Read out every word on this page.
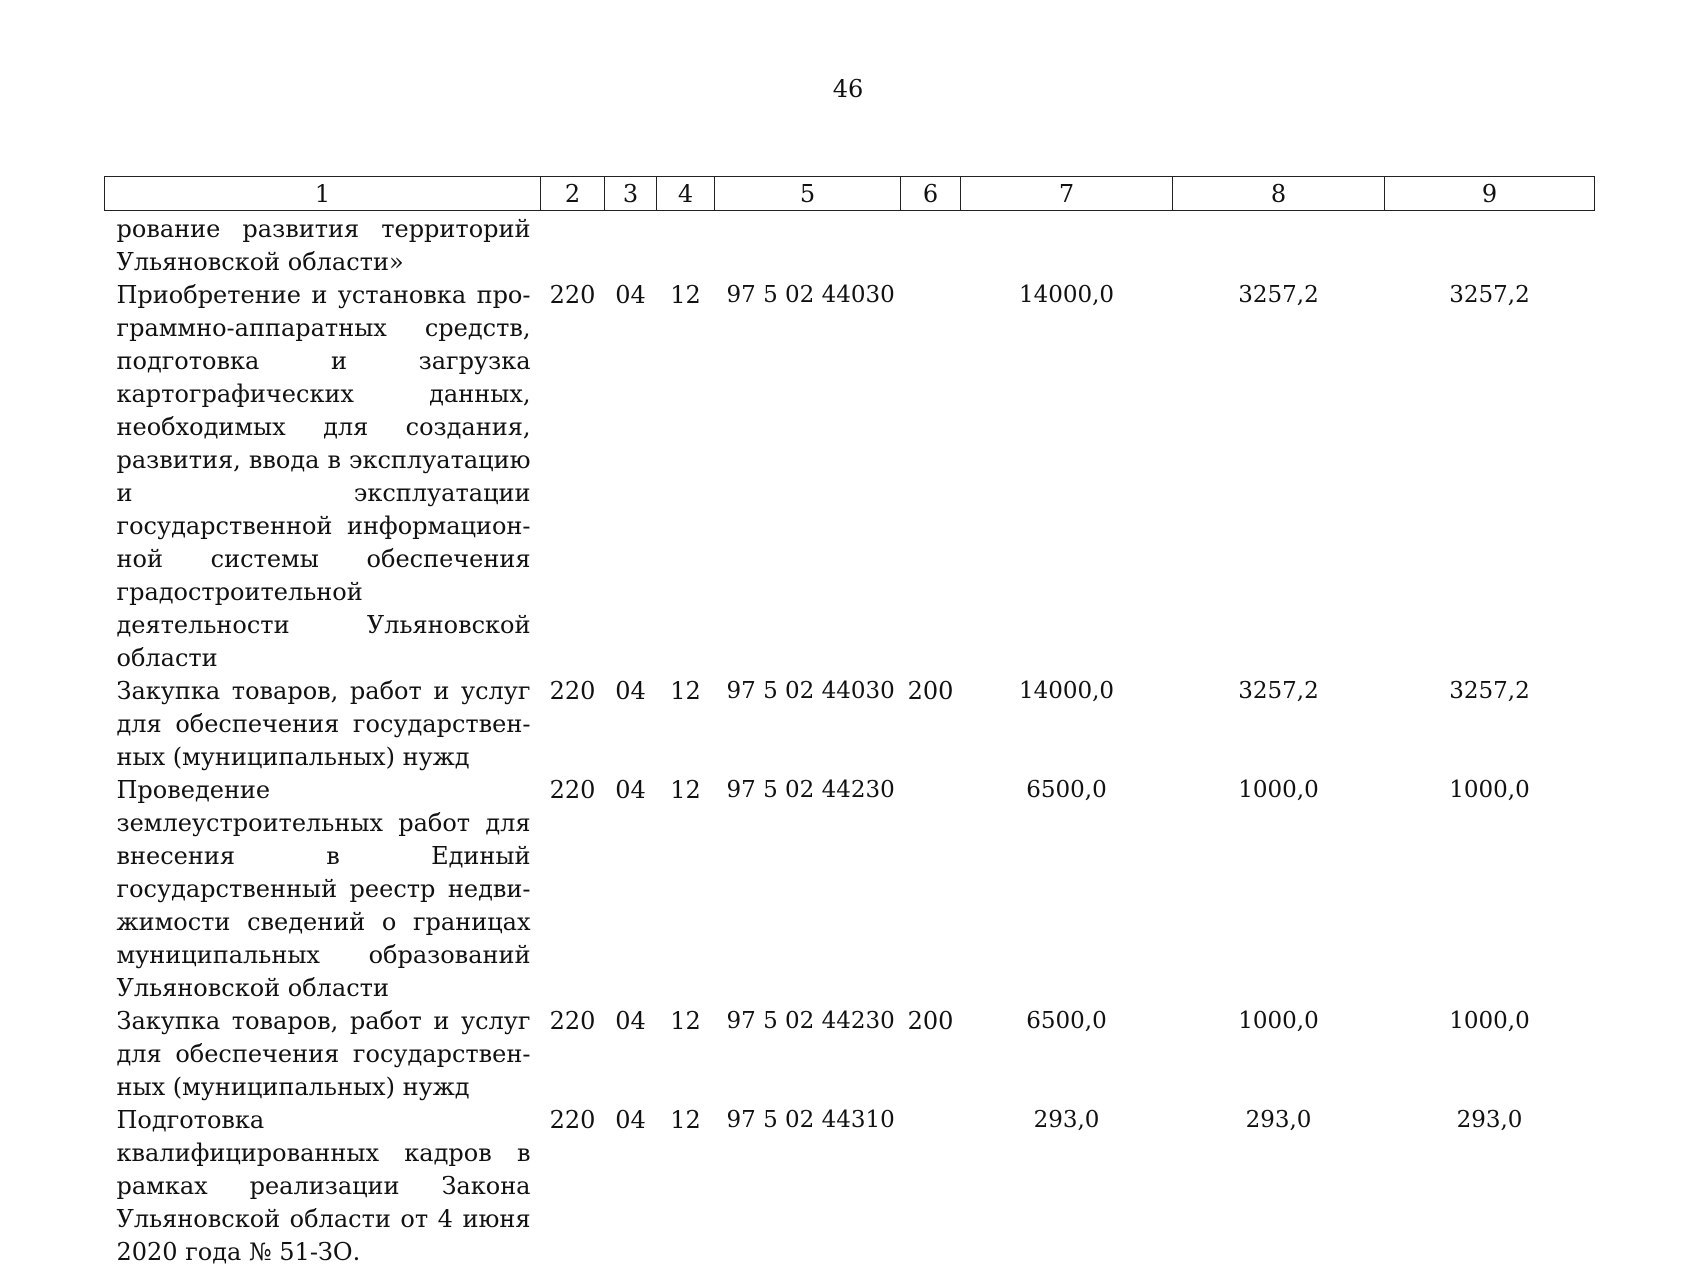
46
1	2	3	4	5	6	7	8	9
рование развития территорий Ульяновской области»								
Приобретение и установка программно-аппаратных средств, подготовка и загрузка картографических данных, необходимых для создания, развития, ввода в эксплуатацию и эксплуатации государственной информационной системы обеспечения градостроительной деятельности Ульяновской области	220	04	12	97 5 02 44030		14000,0	3257,2	3257,2
Закупка товаров, работ и услуг для обеспечения государственных (муниципальных) нужд	220	04	12	97 5 02 44030	200	14000,0	3257,2	3257,2
Проведение землеустроительных работ для внесения в Единый государственный реестр недвижимости сведений о границах муниципальных образований Ульяновской области	220	04	12	97 5 02 44230		6500,0	1000,0	1000,0
Закупка товаров, работ и услуг для обеспечения государственных (муниципальных) нужд	220	04	12	97 5 02 44230	200	6500,0	1000,0	1000,0
Подготовка квалифицированных кадров в рамках реализации Закона Ульяновской области от 4 июня 2020 года № 51-ЗО.	220	04	12	97 5 02 44310		293,0	293,0	293,0
